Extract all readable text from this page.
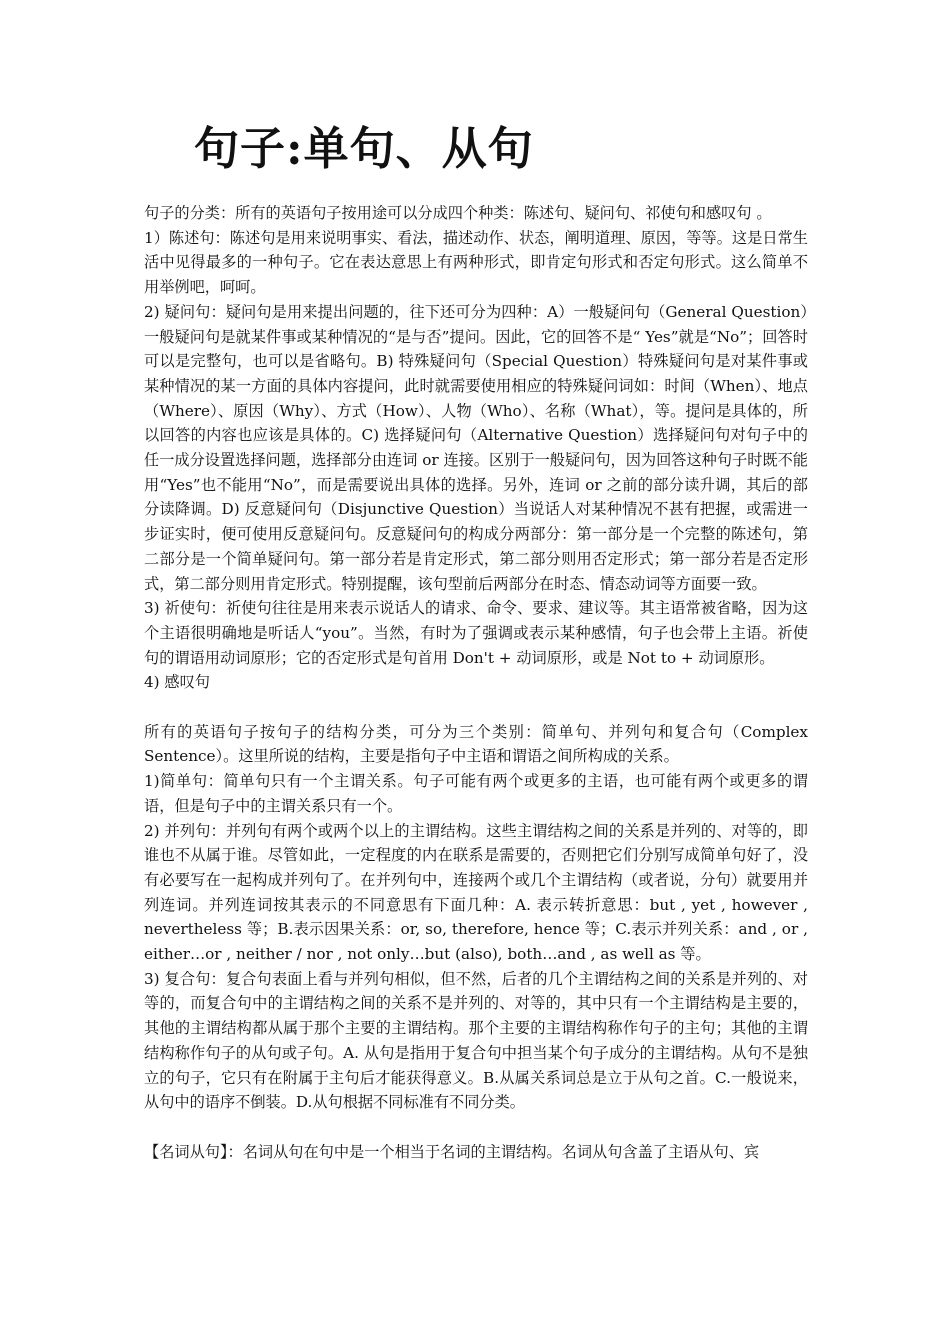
句子:单句、从句

句子的分类：所有的英语句子按用途可以分成四个种类：陈述句、疑问句、祁使句和感叹句 。

1）陈述句：陈述句是用来说明事实、看法，描述动作、状态，阐明道理、原因，等等。这是日常生活中见得最多的一种句子。它在表达意思上有两种形式，即肯定句形式和否定句形式。这么简单不用举例吧，呵呵。

2) 疑问句：疑问句是用来提出问题的，往下还可分为四种：A）一般疑问句（General Question）一般疑问句是就某件事或某种情况的“是与否”提问。因此，它的回答不是“ Yes”就是“No”；回答时可以是完整句，也可以是省略句。B) 特殊疑问句（Special Question）特殊疑问句是对某件事或某种情况的某一方面的具体内容提问，此时就需要使用相应的特殊疑问词如：时间（When）、地点（Where）、原因（Why）、方式（How）、人物（Who）、名称（What），等。提问是具体的，所以回答的内容也应该是具体的。C) 选择疑问句（Alternative Question）选择疑问句对句子中的任一成分设置选择问题，选择部分由连词 or 连接。区别于一般疑问句，因为回答这种句子时既不能用“Yes”也不能用“No”，而是需要说出具体的选择。另外，连词 or 之前的部分读升调，其后的部分读降调。D) 反意疑问句（Disjunctive Question）当说话人对某种情况不甚有把握，或需进一步证实时，便可使用反意疑问句。反意疑问句的构成分两部分：第一部分是一个完整的陈述句，第二部分是一个简单疑问句。第一部分若是肯定形式，第二部分则用否定形式；第一部分若是否定形式，第二部分则用肯定形式。特别提醒，该句型前后两部分在时态、情态动词等方面要一致。

3) 祈使句：祈使句往往是用来表示说话人的请求、命令、要求、建议等。其主语常被省略，因为这个主语很明确地是听话人“you”。当然，有时为了强调或表示某种感情，句子也会带上主语。祈使句的谓语用动词原形；它的否定形式是句首用 Don't + 动词原形，或是 Not to + 动词原形。

4) 感叹句

所有的英语句子按句子的结构分类，可分为三个类别：简单句、并列句和复合句（Complex Sentence）。这里所说的结构，主要是指句子中主语和谓语之间所构成的关系。

1)简单句：简单句只有一个主谓关系。句子可能有两个或更多的主语，也可能有两个或更多的谓语，但是句子中的主谓关系只有一个。

2) 并列句：并列句有两个或两个以上的主谓结构。这些主谓结构之间的关系是并列的、对等的，即谁也不从属于谁。尽管如此，一定程度的内在联系是需要的，否则把它们分别写成简单句好了，没有必要写在一起构成并列句了。在并列句中，连接两个或几个主谓结构（或者说，分句）就要用并列连词。并列连词按其表示的不同意思有下面几种：A. 表示转折意思：but , yet , however , nevertheless 等；B.表示因果关系：or, so, therefore, hence 等；C.表示并列关系：and , or , either…or , neither / nor , not only…but (also), both…and , as well as 等。

3) 复合句：复合句表面上看与并列句相似，但不然，后者的几个主谓结构之间的关系是并列的、对等的，而复合句中的主谓结构之间的关系不是并列的、对等的，其中只有一个主谓结构是主要的，其他的主谓结构都从属于那个主要的主谓结构。那个主要的主谓结构称作句子的主句；其他的主谓结构称作句子的从句或子句。A. 从句是指用于复合句中担当某个句子成分的主谓结构。从句不是独立的句子，它只有在附属于主句后才能获得意义。B.从属关系词总是立于从句之首。C.一般说来，从句中的语序不倒装。D.从句根据不同标准有不同分类。

【名词从句】：名词从句在句中是一个相当于名词的主谓结构。名词从句含盖了主语从句、宾
